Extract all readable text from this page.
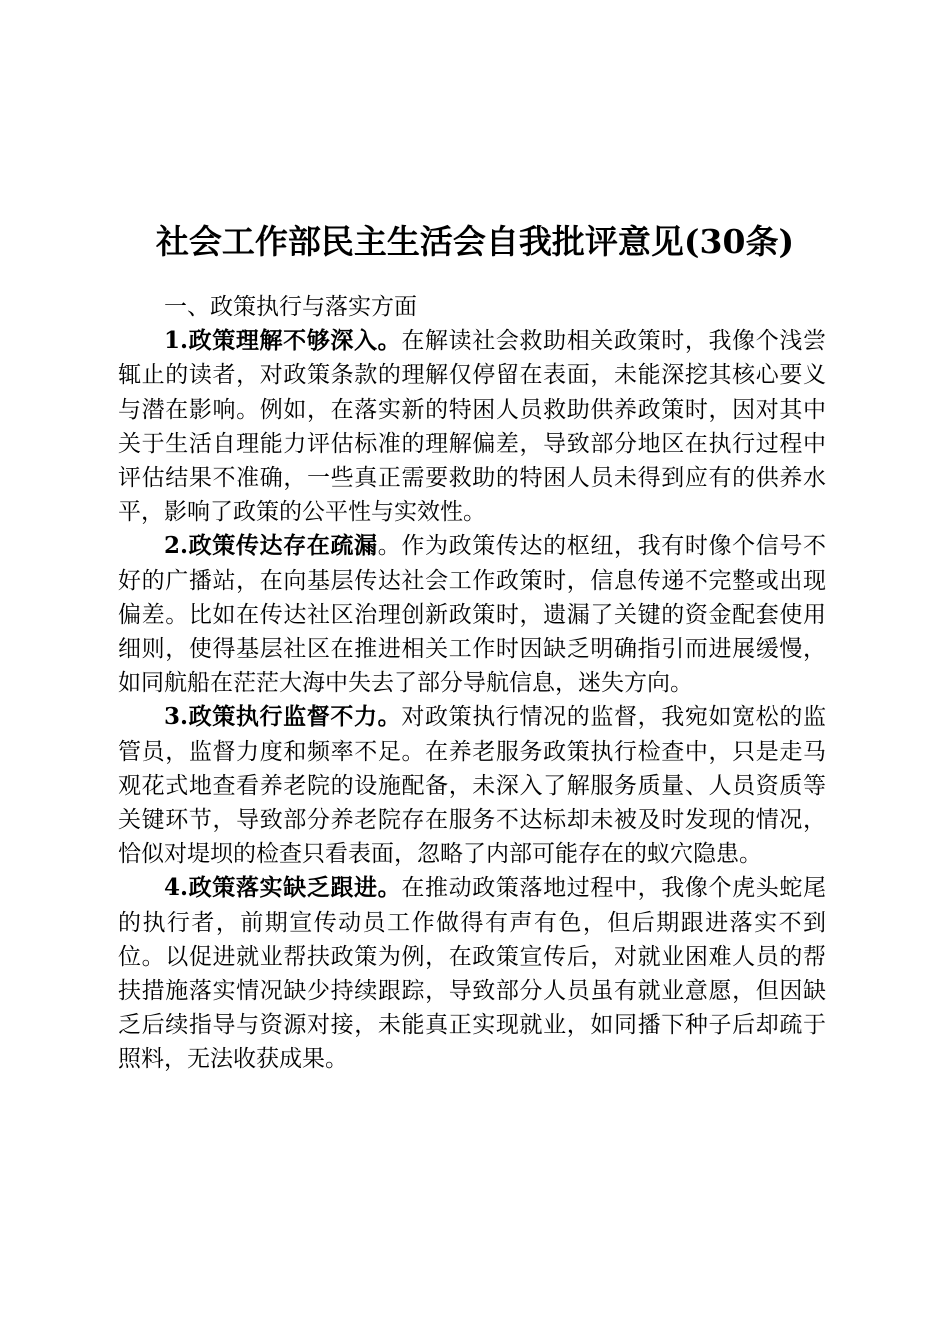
社会工作部民主生活会自我批评意见(30条)
一、政策执行与落实方面

1.政策理解不够深入。在解读社会救助相关政策时，我像个浅尝辄止的读者，对政策条款的理解仅停留在表面，未能深挖其核心要义与潜在影响。例如，在落实新的特困人员救助供养政策时，因对其中关于生活自理能力评估标准的理解偏差，导致部分地区在执行过程中评估结果不准确，一些真正需要救助的特困人员未得到应有的供养水平，影响了政策的公平性与实效性。

2.政策传达存在疏漏。作为政策传达的枢纽，我有时像个信号不好的广播站，在向基层传达社会工作政策时，信息传递不完整或出现偏差。比如在传达社区治理创新政策时，遗漏了关键的资金配套使用细则，使得基层社区在推进相关工作时因缺乏明确指引而进展缓慢，如同航船在茫茫大海中失去了部分导航信息，迷失方向。

3.政策执行监督不力。对政策执行情况的监督，我宛如宽松的监管员，监督力度和频率不足。在养老服务政策执行检查中，只是走马观花式地查看养老院的设施配备，未深入了解服务质量、人员资质等关键环节，导致部分养老院存在服务不达标却未被及时发现的情况，恰似对堤坝的检查只看表面，忽略了内部可能存在的蚁穴隐患。

4.政策落实缺乏跟进。在推动政策落地过程中，我像个虎头蛇尾的执行者，前期宣传动员工作做得有声有色，但后期跟进落实不到位。以促进就业帮扶政策为例，在政策宣传后，对就业困难人员的帮扶措施落实情况缺少持续跟踪，导致部分人员虽有就业意愿，但因缺乏后续指导与资源对接，未能真正实现就业，如同播下种子后却疏于照料，无法收获成果。
